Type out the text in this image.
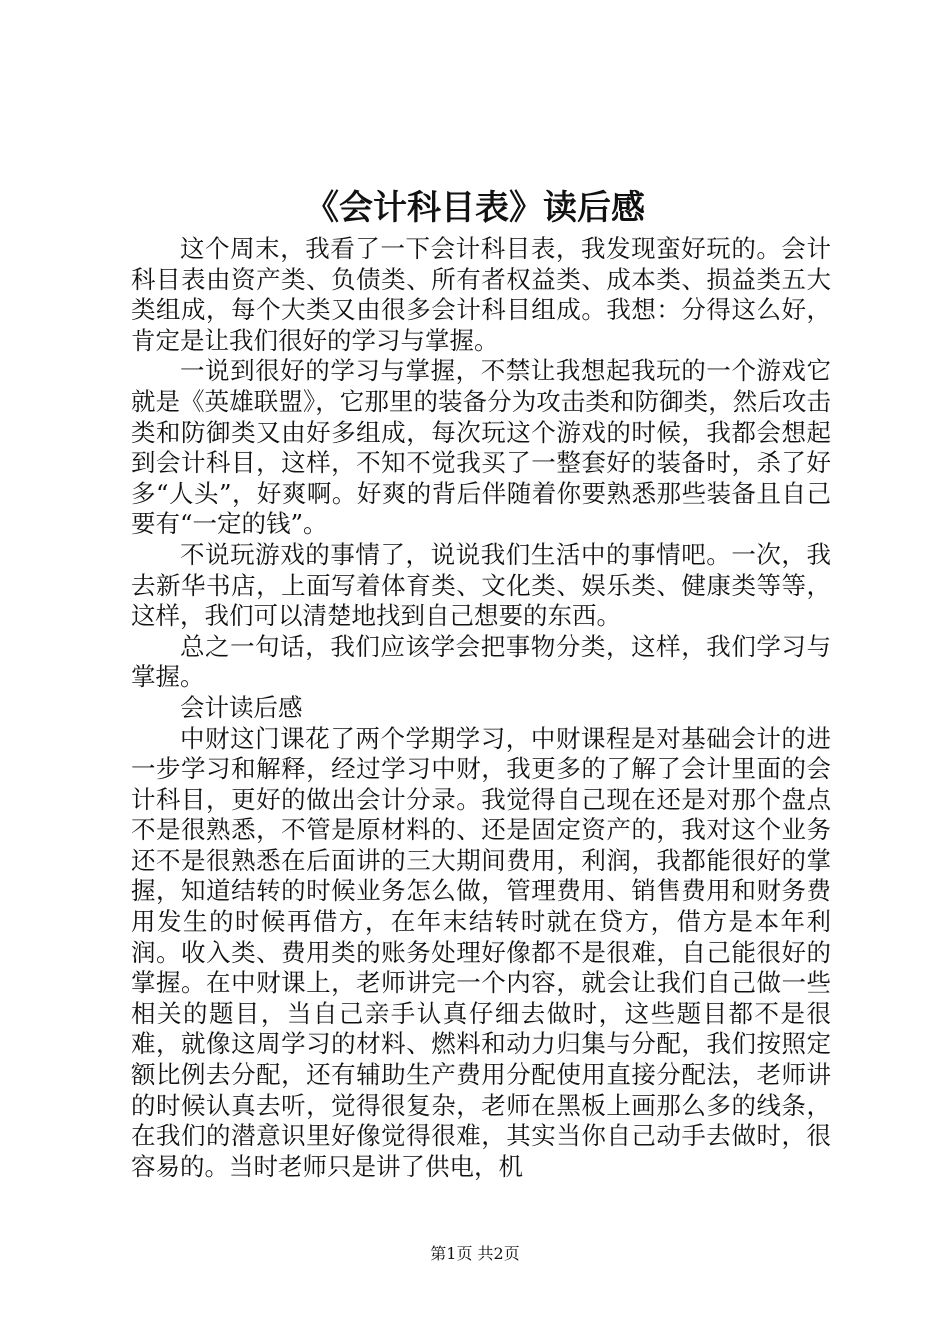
《会计科目表》读后感

这个周末，我看了一下会计科目表，我发现蛮好玩的。会计科目表由资产类、负债类、所有者权益类、成本类、损益类五大类组成，每个大类又由很多会计科目组成。我想：分得这么好，肯定是让我们很好的学习与掌握。

一说到很好的学习与掌握，不禁让我想起我玩的一个游戏它就是《英雄联盟》，它那里的装备分为攻击类和防御类，然后攻击类和防御类又由好多组成，每次玩这个游戏的时候，我都会想起到会计科目，这样，不知不觉我买了一整套好的装备时，杀了好多“人头”，好爽啊。好爽的背后伴随着你要熟悉那些装备且自己要有“一定的钱”。

不说玩游戏的事情了，说说我们生活中的事情吧。一次，我去新华书店，上面写着体育类、文化类、娱乐类、健康类等等，这样，我们可以清楚地找到自己想要的东西。

总之一句话，我们应该学会把事物分类，这样，我们学习与掌握。

会计读后感

中财这门课花了两个学期学习，中财课程是对基础会计的进一步学习和解释，经过学习中财，我更多的了解了会计里面的会计科目，更好的做出会计分录。我觉得自己现在还是对那个盘点不是很熟悉，不管是原材料的、还是固定资产的，我对这个业务还不是很熟悉在后面讲的三大期间费用，利润，我都能很好的掌握，知道结转的时候业务怎么做，管理费用、销售费用和财务费用发生的时候再借方，在年末结转时就在贷方，借方是本年利润。收入类、费用类的账务处理好像都不是很难，自己能很好的掌握。在中财课上，老师讲完一个内容，就会让我们自己做一些相关的题目，当自己亲手认真仔细去做时，这些题目都不是很难，就像这周学习的材料、燃料和动力归集与分配，我们按照定额比例去分配，还有辅助生产费用分配使用直接分配法，老师讲的时候认真去听，觉得很复杂，老师在黑板上画那么多的线条，在我们的潜意识里好像觉得很难，其实当你自己动手去做时，很容易的。当时老师只是讲了供电，机

第1页 共2页
